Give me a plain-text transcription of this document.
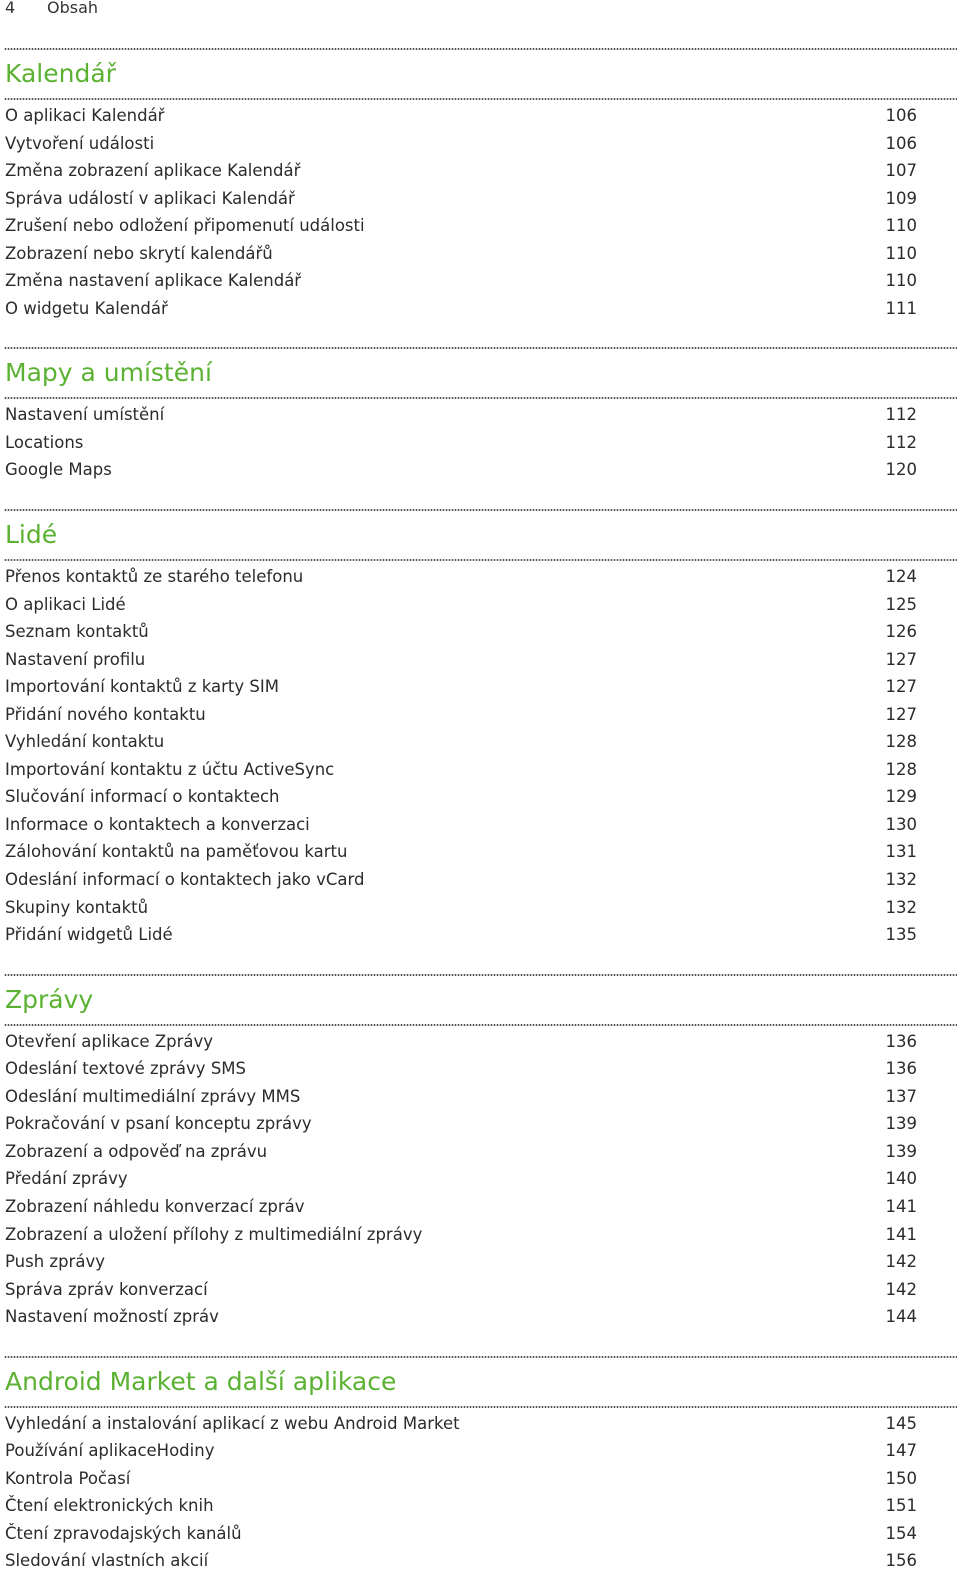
4 Obsah
Kalendář
O aplikaci Kalendář	106
Vytvoření události	106
Změna zobrazení aplikace Kalendář	107
Správa událostí v aplikaci Kalendář	109
Zrušení nebo odložení připomenutí události	110
Zobrazení nebo skrytí kalendářů	110
Změna nastavení aplikace Kalendář	110
O widgetu Kalendář	111
Mapy a umístění
Nastavení umístění	112
Locations	112
Google Maps	120
Lidé
Přenos kontaktů ze starého telefonu	124
O aplikaci Lidé	125
Seznam kontaktů	126
Nastavení profilu	127
Importování kontaktů z karty SIM	127
Přidání nového kontaktu	127
Vyhledání kontaktu	128
Importování kontaktu z účtu ActiveSync	128
Slučování informací o kontaktech	129
Informace o kontaktech a konverzaci	130
Zálohování kontaktů na paměťovou kartu	131
Odeslání informací o kontaktech jako vCard	132
Skupiny kontaktů	132
Přidání widgetů Lidé	135
Zprávy
Otevření aplikace Zprávy	136
Odeslání textové zprávy SMS	136
Odeslání multimediální zprávy MMS	137
Pokračování v psaní konceptu zprávy	139
Zobrazení a odpověď na zprávu	139
Předání zprávy	140
Zobrazení náhledu konverzací zpráv	141
Zobrazení a uložení přílohy z multimediální zprávy	141
Push zprávy	142
Správa zpráv konverzací	142
Nastavení možností zpráv	144
Android Market a další aplikace
Vyhledání a instalování aplikací z webu Android Market	145
Používání aplikaceHodiny	147
Kontrola Počasí	150
Čtení elektronických knih	151
Čtení zpravodajských kanálů	154
Sledování vlastních akcií	156
